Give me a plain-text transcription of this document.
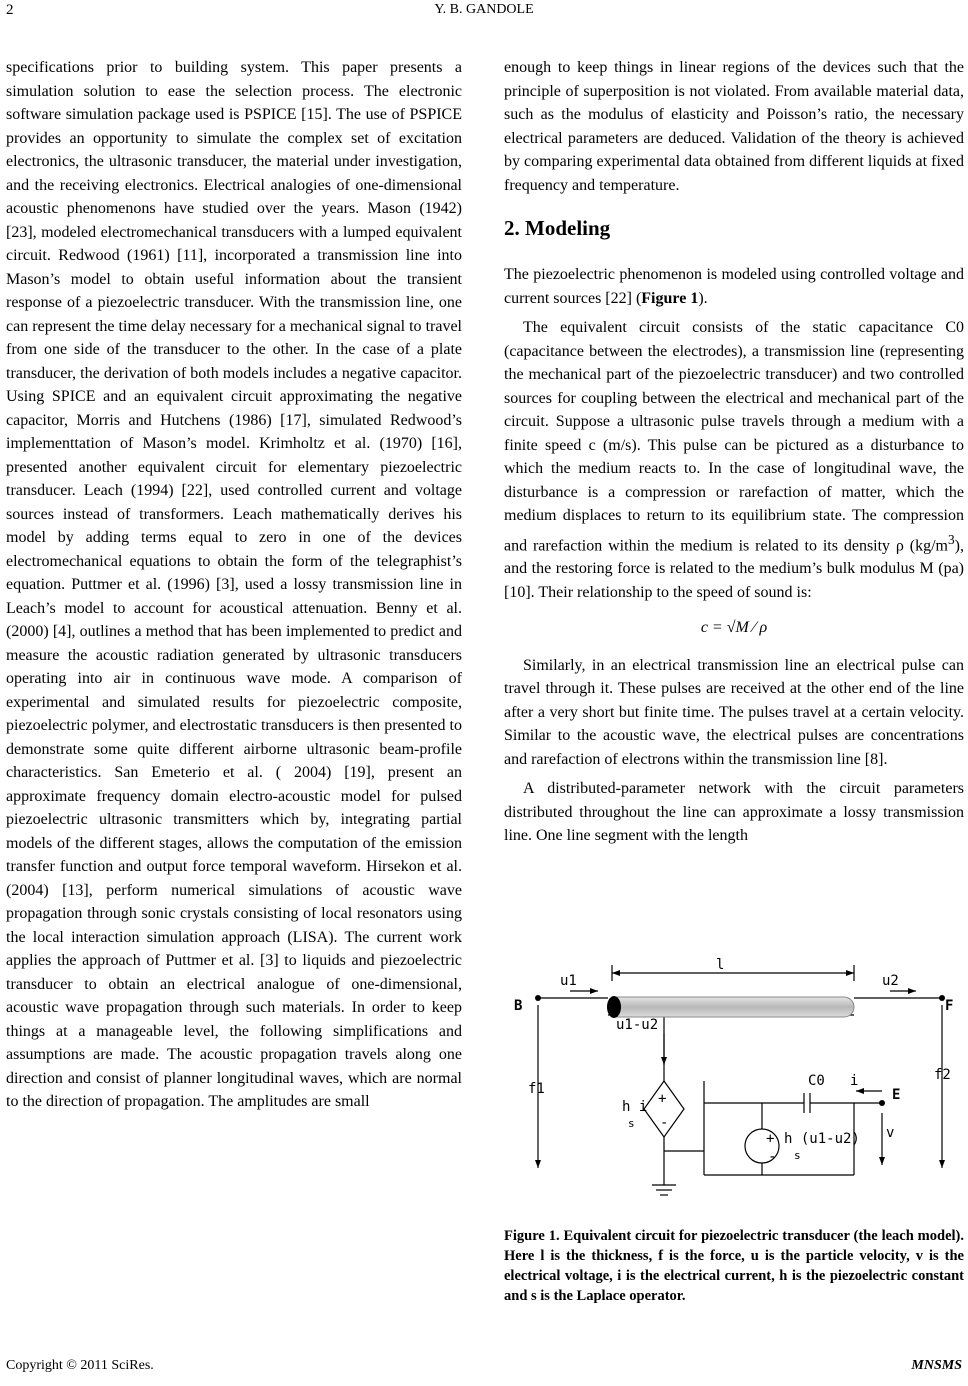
2	Y. B. GANDOLE

specifications prior to building system. This paper presents a simulation solution to ease the selection process. The electronic software simulation package used is PSPICE [15]. The use of PSPICE provides an opportunity to simulate the complex set of excitation electronics, the ultrasonic transducer, the material under investigation, and the receiving electronics. Electrical analogies of one-dimensional acoustic phenomenons have studied over the years. Mason (1942) [23], modeled electromechanical transducers with a lumped equivalent circuit. Redwood (1961) [11], incorporated a transmission line into Mason’s model to obtain useful information about the transient response of a piezoelectric transducer. With the transmission line, one can represent the time delay necessary for a mechanical signal to travel from one side of the transducer to the other. In the case of a plate transducer, the derivation of both models includes a negative capacitor. Using SPICE and an equivalent circuit approximating the negative capacitor, Morris and Hutchens (1986) [17], simulated Redwood’s implementtation of Mason’s model. Krimholtz et al. (1970) [16], presented another equivalent circuit for elementary piezoelectric transducer. Leach (1994) [22], used controlled current and voltage sources instead of transformers. Leach mathematically derives his model by adding terms equal to zero in one of the devices electromechanical equations to obtain the form of the telegraphist’s equation. Puttmer et al. (1996) [3], used a lossy transmission line in Leach’s model to account for acoustical attenuation. Benny et al. (2000) [4], outlines a method that has been implemented to predict and measure the acoustic radiation generated by ultrasonic transducers operating into air in continuous wave mode. A comparison of experimental and simulated results for piezoelectric composite, piezoelectric polymer, and electrostatic transducers is then presented to demonstrate some quite different airborne ultrasonic beam-profile characteristics. San Emeterio et al. ( 2004) [19], present an approximate frequency domain electro-acoustic model for pulsed piezoelectric ultrasonic transmitters which by, integrating partial models of the different stages, allows the computation of the emission transfer function and output force temporal waveform. Hirsekon et al. (2004) [13], perform numerical simulations of acoustic wave propagation through sonic crystals consisting of local resonators using the local interaction simulation approach (LISA). The current work applies the approach of Puttmer et al. [3] to liquids and piezoelectric transducer to obtain an electrical analogue of one-dimensional, acoustic wave propagation through such materials. In order to keep things at a manageable level, the following simplifications and assumptions are made. The acoustic propagation travels along one direction and consist of planner longitudinal waves, which are normal to the direction of propagation. The amplitudes are small

enough to keep things in linear regions of the devices such that the principle of superposition is not violated. From available material data, such as the modulus of elasticity and Poisson’s ratio, the necessary electrical parameters are deduced. Validation of the theory is achieved by comparing experimental data obtained from different liquids at fixed frequency and temperature.

2. Modeling

The piezoelectric phenomenon is modeled using controlled voltage and current sources [22] (Figure 1).

The equivalent circuit consists of the static capacitance C0 (capacitance between the electrodes), a transmission line (representing the mechanical part of the piezoelectric transducer) and two controlled sources for coupling between the electrical and mechanical part of the circuit. Suppose a ultrasonic pulse travels through a medium with a finite speed c (m/s). This pulse can be pictured as a disturbance to which the medium reacts to. In the case of longitudinal wave, the disturbance is a compression or rarefaction of matter, which the medium displaces to return to its equilibrium state. The compression and rarefaction within the medium is related to its density ρ $(kg/m^3)$, and the restoring force is related to the medium’s bulk modulus M (pa) [10]. Their relationship to the speed of sound is:

c = √M ⁄ ρ

Similarly, in an electrical transmission line an electrical pulse can travel through it. These pulses are received at the other end of the line after a very short but finite time. The pulses travel at a certain velocity. Similar to the acoustic wave, the electrical pulses are concentrations and rarefaction of electrons within the transmission line [8].

A distributed-parameter network with the circuit parameters distributed throughout the line can approximate a lossy transmission line. One line segment with the length

B	F
E
u1	u2
l
u1-u2
f1
f2
C0 i
v
h i
s
h (u1-u2)
s
+
-
+
-
Figure 1. Equivalent circuit for piezoelectric transducer (the leach model). Here l is the thickness, f is the force, u is the particle velocity, v is the electrical voltage, i is the electrical current, h is the piezoelectric constant and s is the Laplace operator.
Copyright © 2011 SciRes.	MNSMS
